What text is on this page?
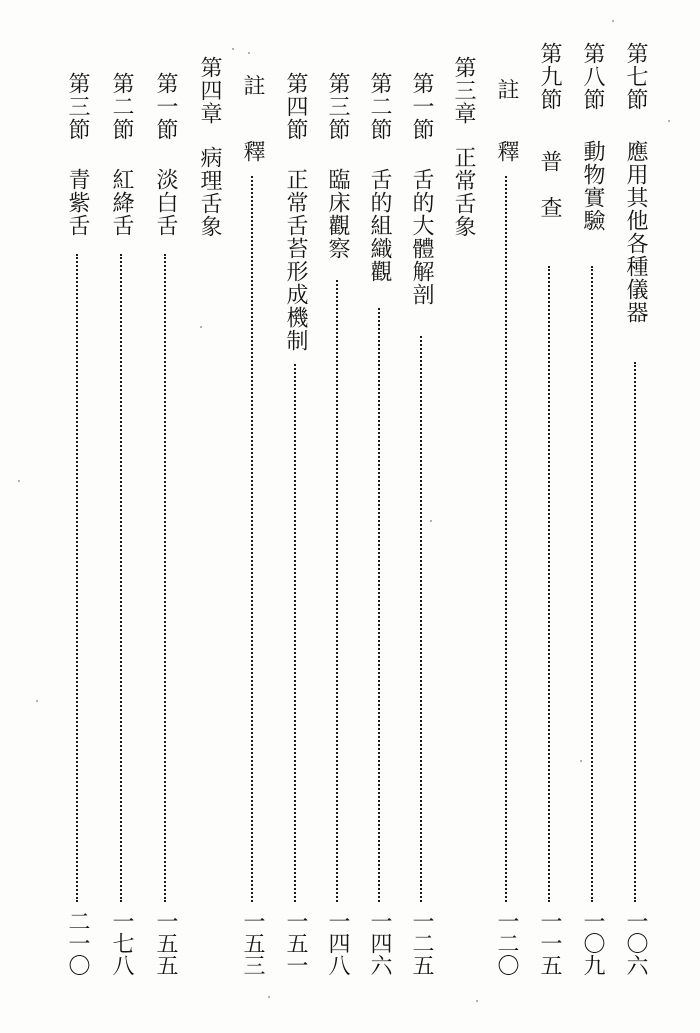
第七節
應用其他各種儀器
一〇六
第八節
動物實驗
一〇九
第九節
普　查
一一五
註
釋
一二〇
第三章
正常舌象
第一節
舌的大體解剖
一二五
第二節
舌的組織觀
一四六
第三節
臨床觀察
一四八
第四節
正常舌苔形成機制
一五一
註
釋
一五三
第四章
病理舌象
第一節
淡白舌
一五五
第二節
紅絳舌
一七八
第三節
青紫舌
二一〇
